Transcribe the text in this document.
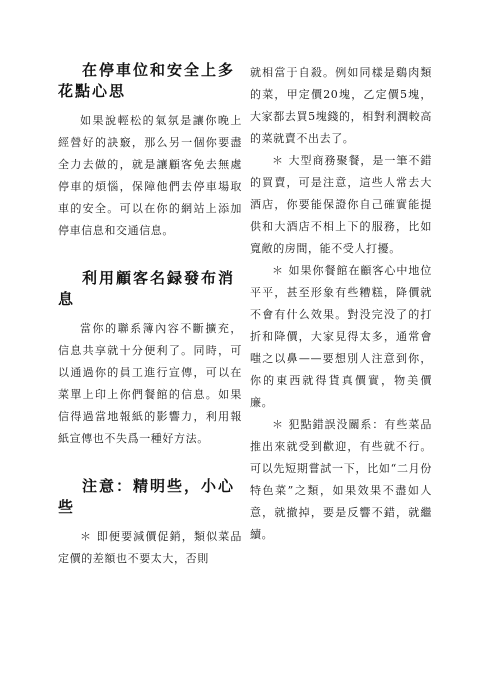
在停車位和安全上多花點心思

如果說輕松的氣氛是讓你晚上經營好的訣竅，那么另一個你要盡全力去做的，就是讓顧客免去無處停車的煩惱，保障他們去停車場取車的安全。可以在你的網站上添加停車信息和交通信息。

利用顧客名録發布消息

當你的聯系簿內容不斷擴充，信息共享就十分便利了。同時，可以通過你的員工進行宣傳，可以在菜單上印上你們餐館的信息。如果信得過當地報紙的影響力，利用報紙宣傳也不失爲一種好方法。

注意：精明些，小心些

＊ 即便要減價促銷，類似菜品定價的差額也不要太大，否則

就相當于自殺。例如同樣是鷄肉類的菜，甲定價20塊，乙定價5塊，大家都去買5塊錢的，相對利潤較高的菜就賣不出去了。

＊ 大型商務聚餐，是一筆不錯的買賣，可是注意，這些人常去大酒店，你要能保證你自己確實能提供和大酒店不相上下的服務，比如寬敞的房間，能不受人打擾。

＊ 如果你餐館在顧客心中地位平平，甚至形象有些糟糕，降價就不會有什么效果。對没完没了的打折和降價，大家見得太多，通常會嗤之以鼻——要想別人注意到你，你的東西就得貨真價實，物美價廉。

＊ 犯點錯誤没關系：有些菜品推出來就受到歡迎，有些就不行。可以先短期嘗試一下，比如“二月份特色菜”之類，如果效果不盡如人意，就撤掉，要是反響不錯，就繼續。
